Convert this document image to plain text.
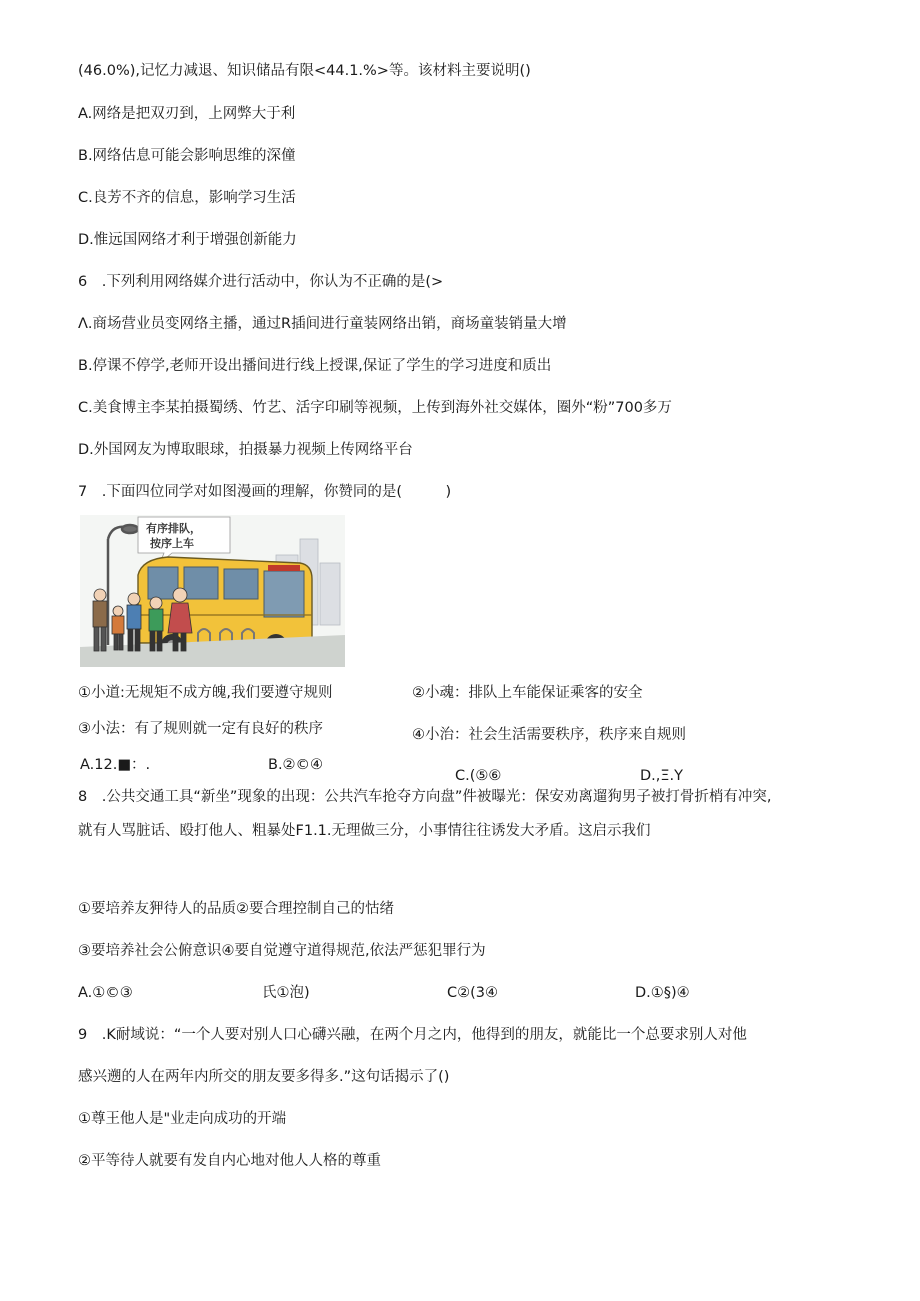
(46.0%),记忆力减退、知识储品有限<44.1.%>等。该材料主要说明()
A.网络是把双刃到，上网弊大于利
B.网络估息可能会影响思维的深僮
C.良芳不齐的信息，影响学习生活
D.惟远国网络才利于增强创新能力
6　.下列利用网络媒介进行活动中，你认为不正确的是(>
Λ.商场营业员变网络主播，通过R插间进行童装网络出销，商场童装销量大增
B.停课不停学,老师开设出播间进行线上授课,保证了学生的学习进度和质岀
C.美食博主李某拍摄蜀绣、竹艺、活字印刷等视频，上传到海外社交媒体，圈外“粉”700多万
D.外国网友为博取眼球，拍摄暴力视频上传网络平台
7　.下面四位同学对如图漫画的理解，你赞同的是(　　　)
有序排队，
按序上车
①小道:无规矩不成方魄,我们要遵守规则	②小魂：排队上车能保证乘客的安全
③小法：有了规则就一定有良好的秩序	④小治：社会生活需要秩序，秩序来自规则
A.12.■：.	B.②©④
C.(⑤⑥	D.,Ξ.Y
8　.公共交通工具“新坐”现象的出现：公共汽车抢夺方向盘”件被曝光：保安劝离遛狗男子被打骨折梢有冲突,
就有人骂脏话、殴打他人、粗暴处F1.1.无理做三分，小事情往往诱发大矛盾。这启示我们
①要培养友狎待人的品质②要合理控制自己的怙绪
③要培养社会公俯意识④要自觉遵守道得规范,依法严惩犯罪行为
A.①©③	氏①泡)	C②(3④	D.①§)④
9　.K耐域说：“一个人要对别人口心礴兴融，在两个月之内，他得到的朋友，就能比一个总要求别人对他
感兴遡的人在两年内所交的朋友要多得多.”这句话揭示了()
①尊王他人是"业走向成功的开端
②平等待人就要有发自内心地对他人人格的尊重
